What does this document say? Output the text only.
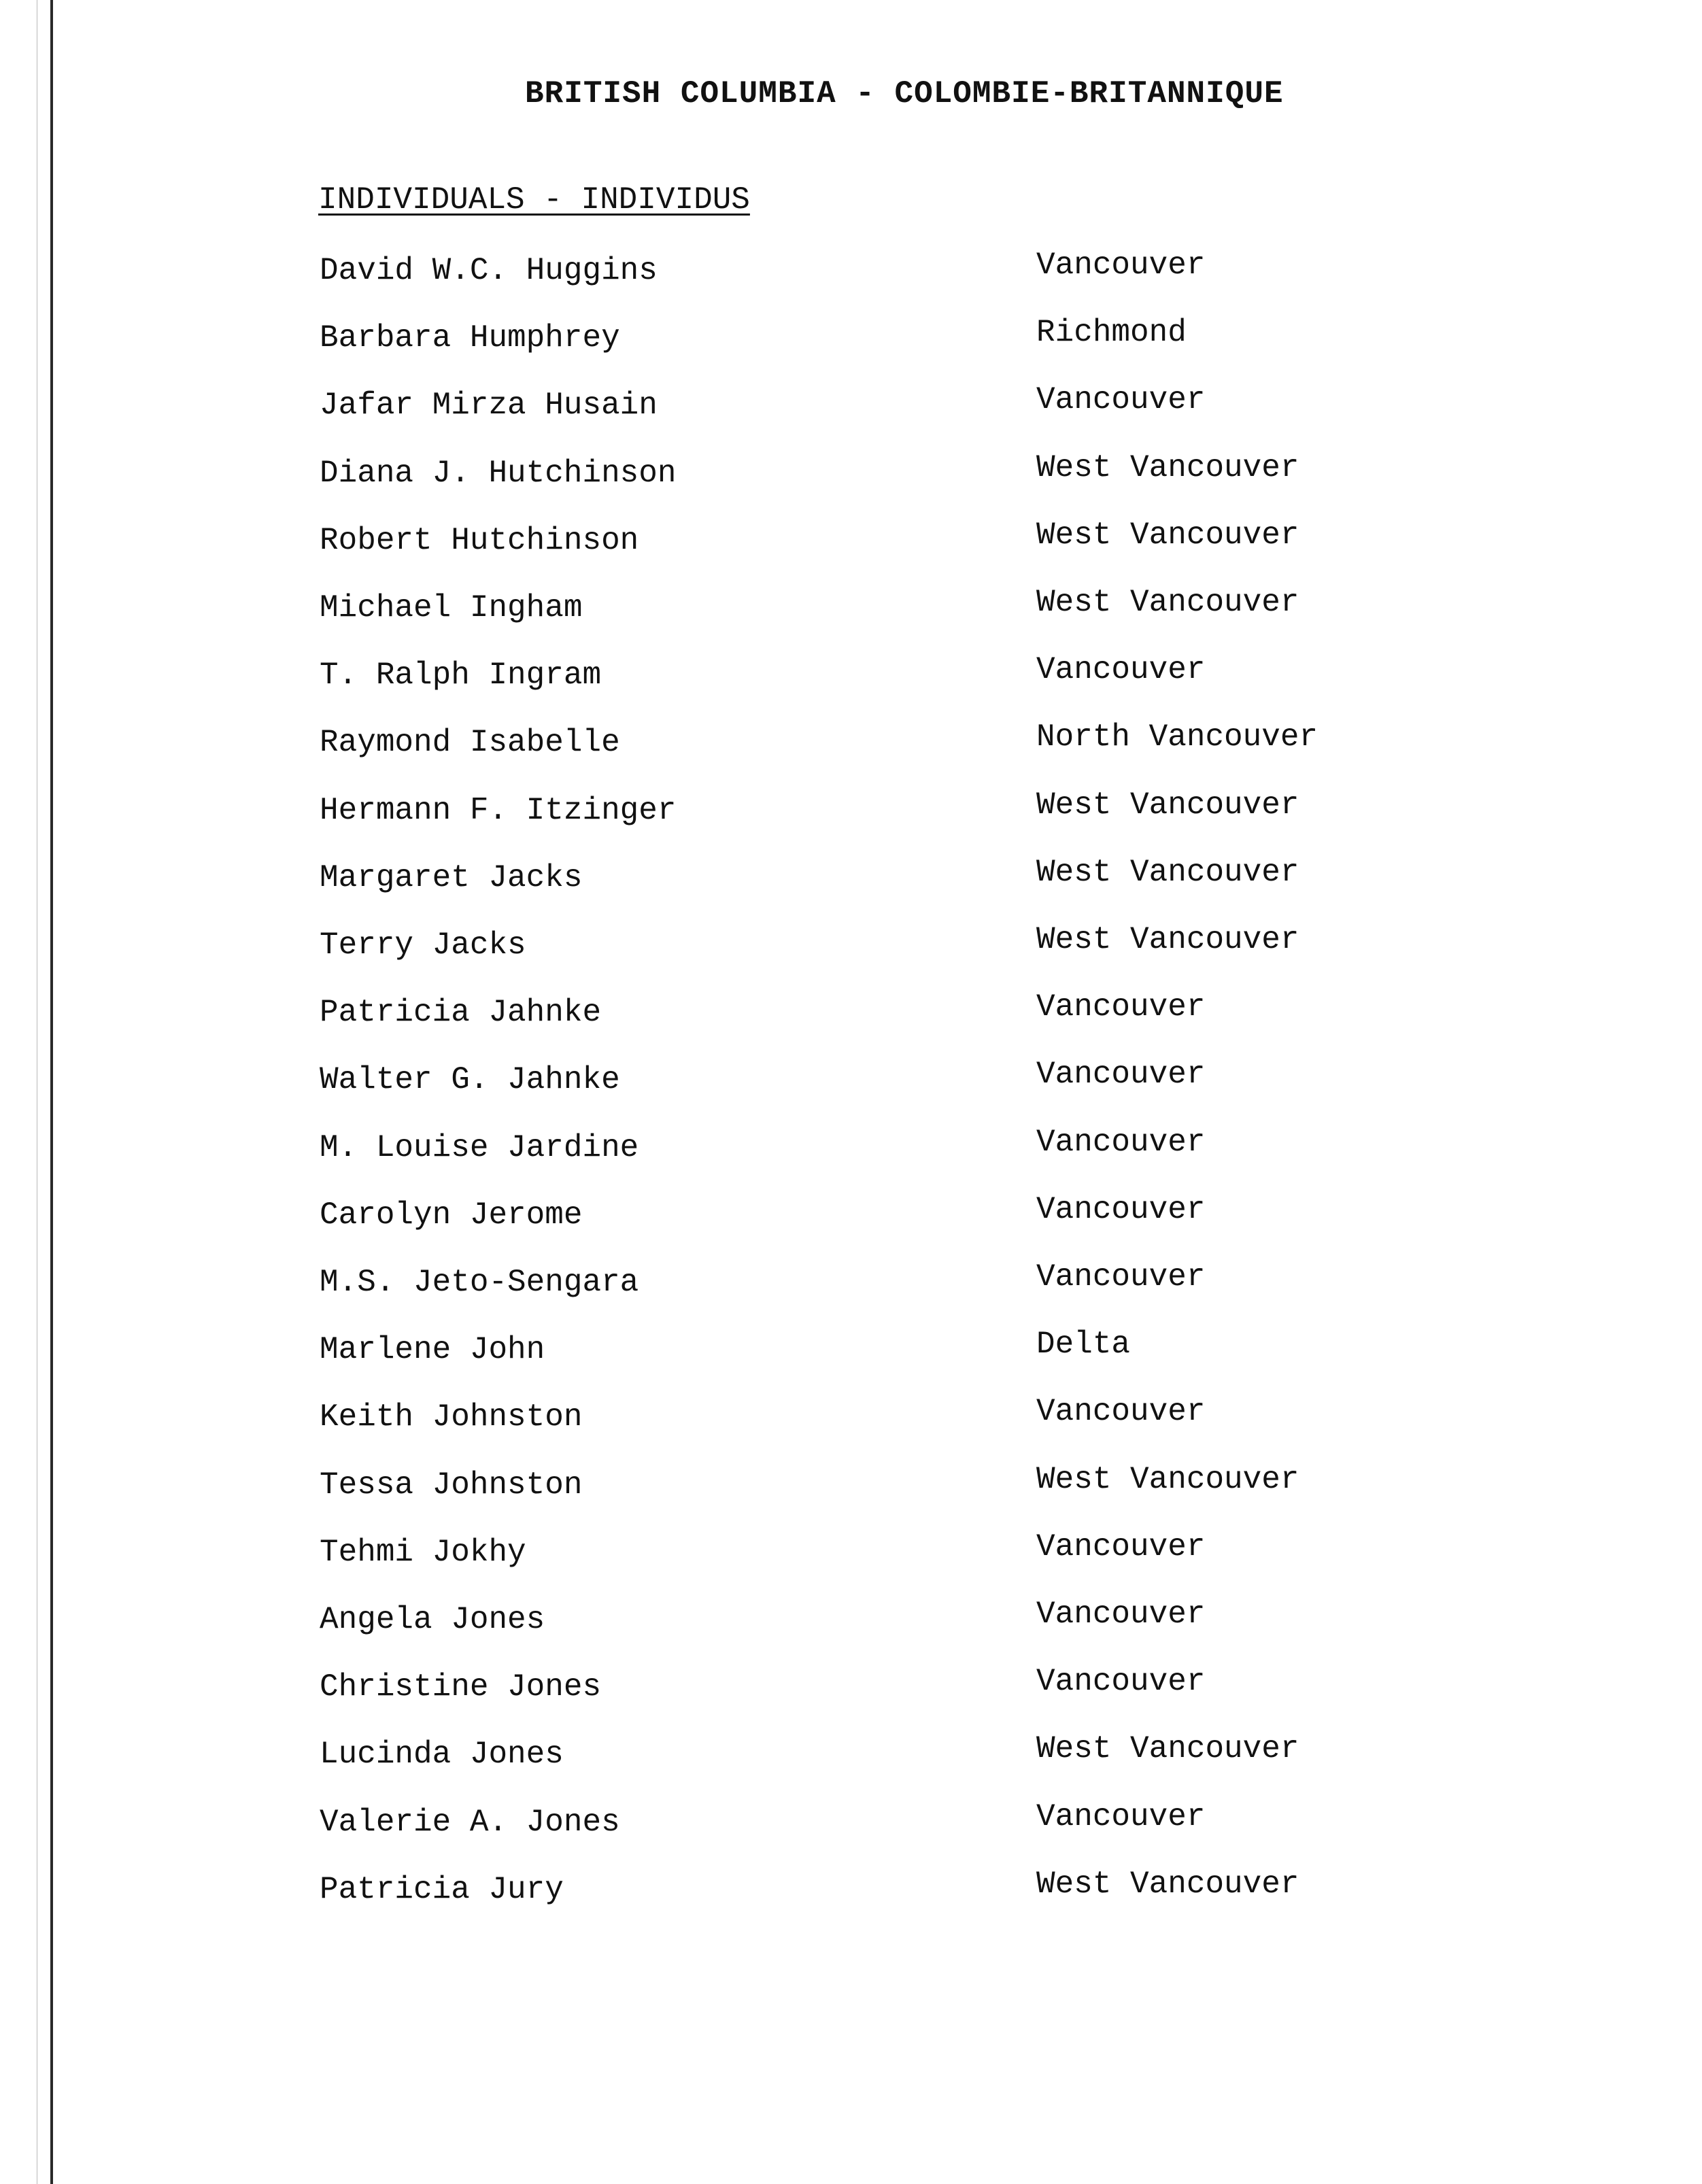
BRITISH COLUMBIA - COLOMBIE-BRITANNIQUE
INDIVIDUALS - INDIVIDUS
David W.C. Huggins	Vancouver
Barbara Humphrey	Richmond
Jafar Mirza Husain	Vancouver
Diana J. Hutchinson	West Vancouver
Robert Hutchinson	West Vancouver
Michael Ingham	West Vancouver
T. Ralph Ingram	Vancouver
Raymond Isabelle	North Vancouver
Hermann F. Itzinger	West Vancouver
Margaret Jacks	West Vancouver
Terry Jacks	West Vancouver
Patricia Jahnke	Vancouver
Walter G. Jahnke	Vancouver
M. Louise Jardine	Vancouver
Carolyn Jerome	Vancouver
M.S. Jeto-Sengara	Vancouver
Marlene John	Delta
Keith Johnston	Vancouver
Tessa Johnston	West Vancouver
Tehmi Jokhy	Vancouver
Angela Jones	Vancouver
Christine Jones	Vancouver
Lucinda Jones	West Vancouver
Valerie A. Jones	Vancouver
Patricia Jury	West Vancouver
